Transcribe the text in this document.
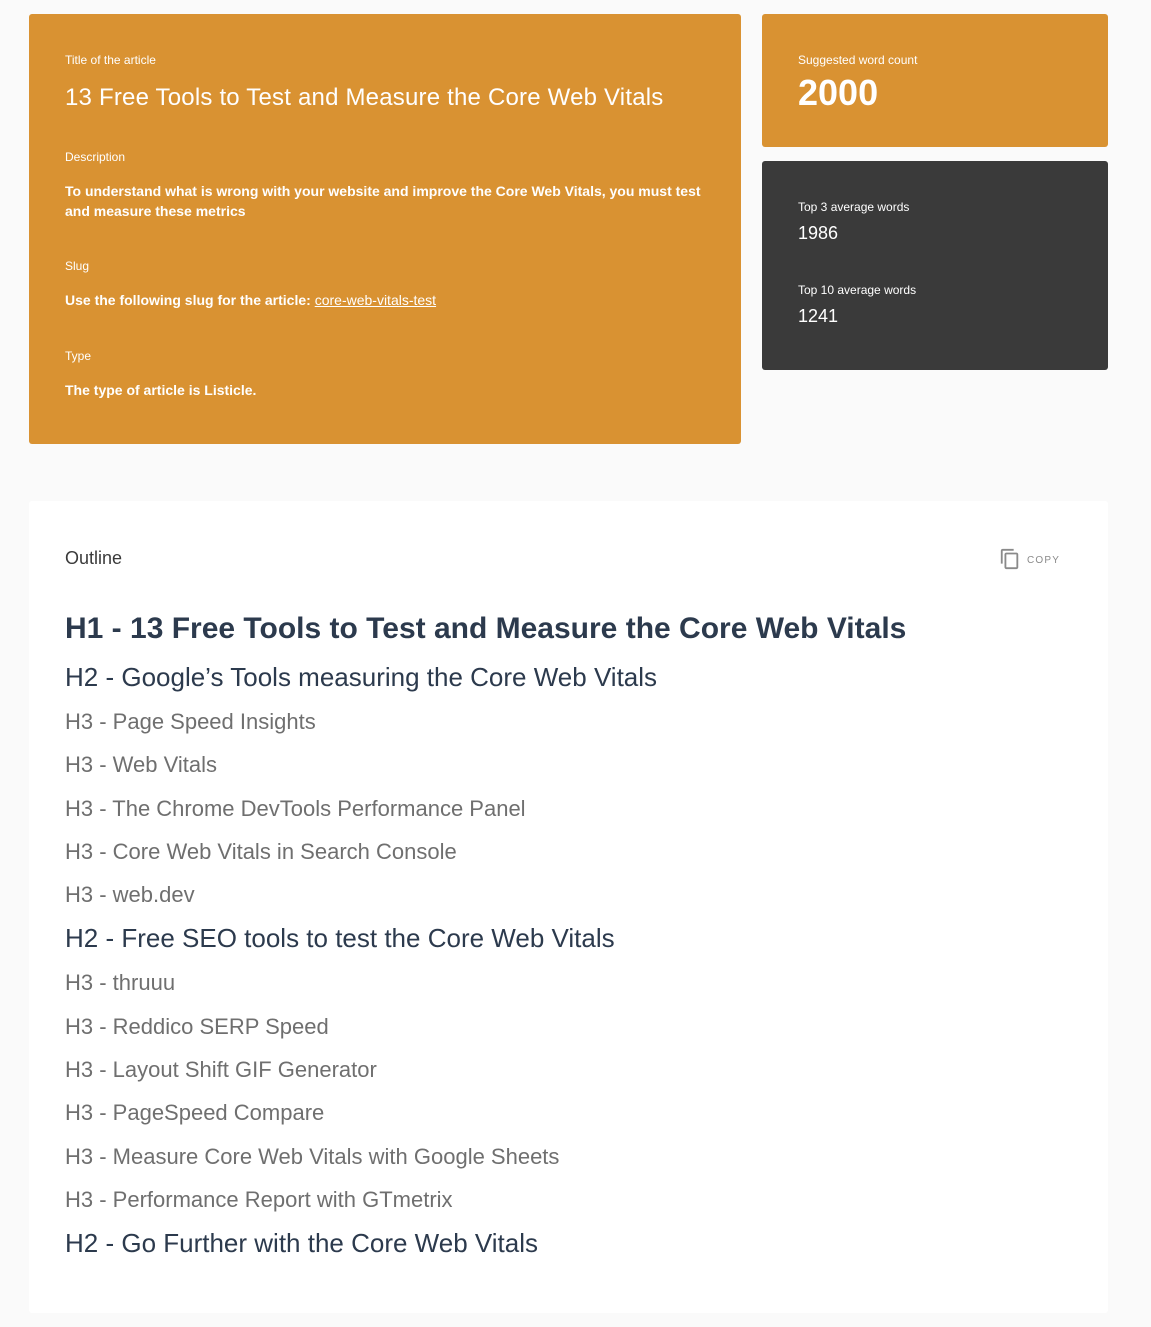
Title of the article
13 Free Tools to Test and Measure the Core Web Vitals
Description
To understand what is wrong with your website and improve the Core Web Vitals, you must test and measure these metrics
Slug
Use the following slug for the article: core-web-vitals-test
Type
The type of article is Listicle.
Suggested word count
2000
Top 3 average words
1986
Top 10 average words
1241
Outline	COPY
H1 - 13 Free Tools to Test and Measure the Core Web Vitals
H2 - Google’s Tools measuring the Core Web Vitals
H3 - Page Speed Insights
H3 - Web Vitals
H3 - The Chrome DevTools Performance Panel
H3 - Core Web Vitals in Search Console
H3 - web.dev
H2 - Free SEO tools to test the Core Web Vitals
H3 - thruuu
H3 - Reddico SERP Speed
H3 - Layout Shift GIF Generator
H3 - PageSpeed Compare
H3 - Measure Core Web Vitals with Google Sheets
H3 - Performance Report with GTmetrix
H2 - Go Further with the Core Web Vitals
